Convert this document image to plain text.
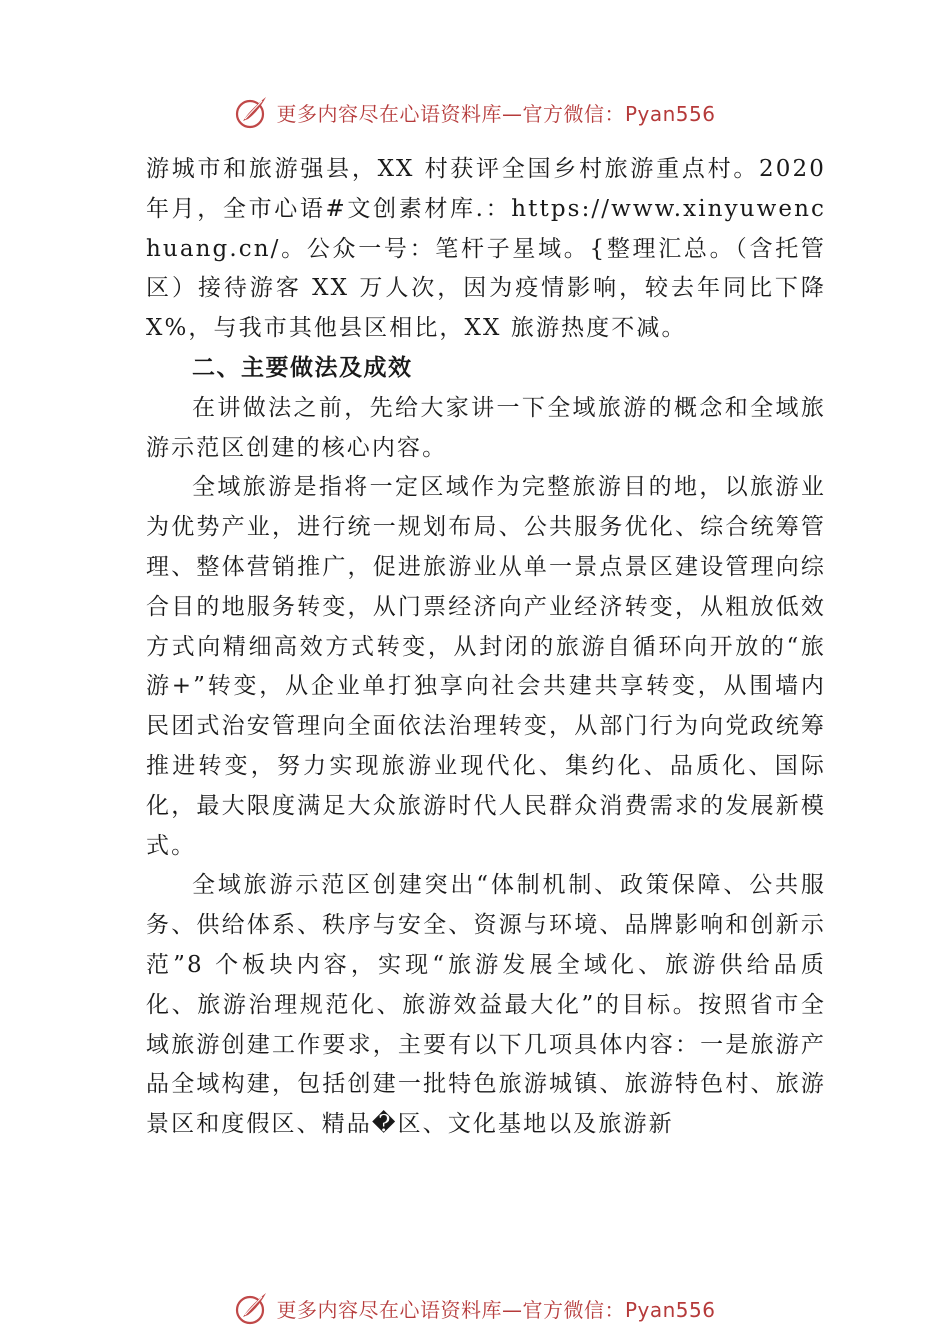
更多内容尽在心语资料库—官方微信：Pyan556

游城市和旅游强县，XX 村获评全国乡村旅游重点村。2020年月，全市心语#文创素材库.：https://www.xinyuwenchuang.cn/。公众一号：笔杆子星域。{整理汇总。（含托管区）接待游客 XX 万人次，因为疫情影响，较去年同比下降 X%，与我市其他县区相比，XX 旅游热度不减。

二、主要做法及成效

在讲做法之前，先给大家讲一下全域旅游的概念和全域旅游示范区创建的核心内容。

全域旅游是指将一定区域作为完整旅游目的地，以旅游业为优势产业，进行统一规划布局、公共服务优化、综合统筹管理、整体营销推广，促进旅游业从单一景点景区建设管理向综合目的地服务转变，从门票经济向产业经济转变，从粗放低效方式向精细高效方式转变，从封闭的旅游自循环向开放的“旅游+”转变，从企业单打独享向社会共建共享转变，从围墙内民团式治安管理向全面依法治理转变，从部门行为向党政统筹推进转变，努力实现旅游业现代化、集约化、品质化、国际化，最大限度满足大众旅游时代人民群众消费需求的发展新模式。

全域旅游示范区创建突出“体制机制、政策保障、公共服务、供给体系、秩序与安全、资源与环境、品牌影响和创新示范”8 个板块内容，实现“旅游发展全域化、旅游供给品质化、旅游治理规范化、旅游效益最大化”的目标。按照省市全域旅游创建工作要求，主要有以下几项具体内容：一是旅游产品全域构建，包括创建一批特色旅游城镇、旅游特色村、旅游景区和度假区、精品�区、文化基地以及旅游新

更多内容尽在心语资料库—官方微信：Pyan556
